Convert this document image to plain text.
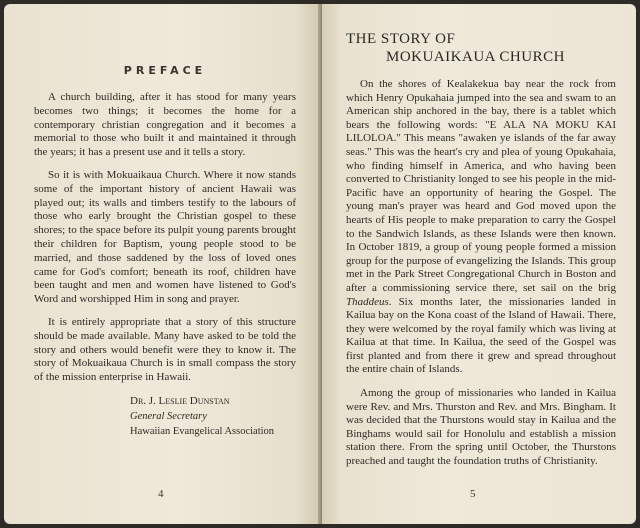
PREFACE

A church building, after it has stood for many years becomes two things; it becomes the home for a contemporary christian congregation and it becomes a memorial to those who built it and maintained it through the years; it has a present use and it tells a story.

So it is with Mokuaikaua Church. Where it now stands some of the important history of ancient Hawaii was played out; its walls and timbers testify to the labours of those who early brought the Christian gospel to these shores; to the space before its pulpit young parents brought their children for Baptism, young people stood to be married, and those saddened by the loss of loved ones came for God's comfort; beneath its roof, children have been taught and men and women have listened to God's Word and worshipped Him in song and prayer.

It is entirely appropriate that a story of this structure should be made available. Many have asked to be told the story and others would benefit were they to know it. The story of Mokuaikaua Church is in small compass the story of the mission enterprise in Hawaii.

Dr. J. Leslie Dunstan
General Secretary
Hawaiian Evangelical Association
4
THE STORY OF
MOKUAIKAUA CHURCH

On the shores of Kealakekua bay near the rock from which Henry Opukahaia jumped into the sea and swam to an American ship anchored in the bay, there is a tablet which bears the following words: "E ALA NA MOKU KAI LILOLOA." This means "awaken ye islands of the far away seas." This was the heart's cry and plea of young Opukahaia, who finding himself in America, and who having been converted to Christianity longed to see his people in the mid-Pacific have an opportunity of hearing the Gospel. The young man's prayer was heard and God moved upon the hearts of His people to make preparation to carry the Gospel to the Sandwich Islands, as these Islands were then known. In October 1819, a group of young people formed a mission group for the purpose of evangelizing the Islands. This group met in the Park Street Congregational Church in Boston and after a commissioning service there, set sail on the brig Thaddeus. Six months later, the missionaries landed in Kailua bay on the Kona coast of the Island of Hawaii. There, they were welcomed by the royal family which was living at Kailua at that time. In Kailua, the seed of the Gospel was first planted and from there it grew and spread throughout the entire chain of Islands.

Among the group of missionaries who landed in Kailua were Rev. and Mrs. Thurston and Rev. and Mrs. Bingham. It was decided that the Thurstons would stay in Kailua and the Binghams would sail for Honolulu and establish a mission station there. From the spring until October, the Thurstons preached and taught the foundation truths of Christianity.

5
